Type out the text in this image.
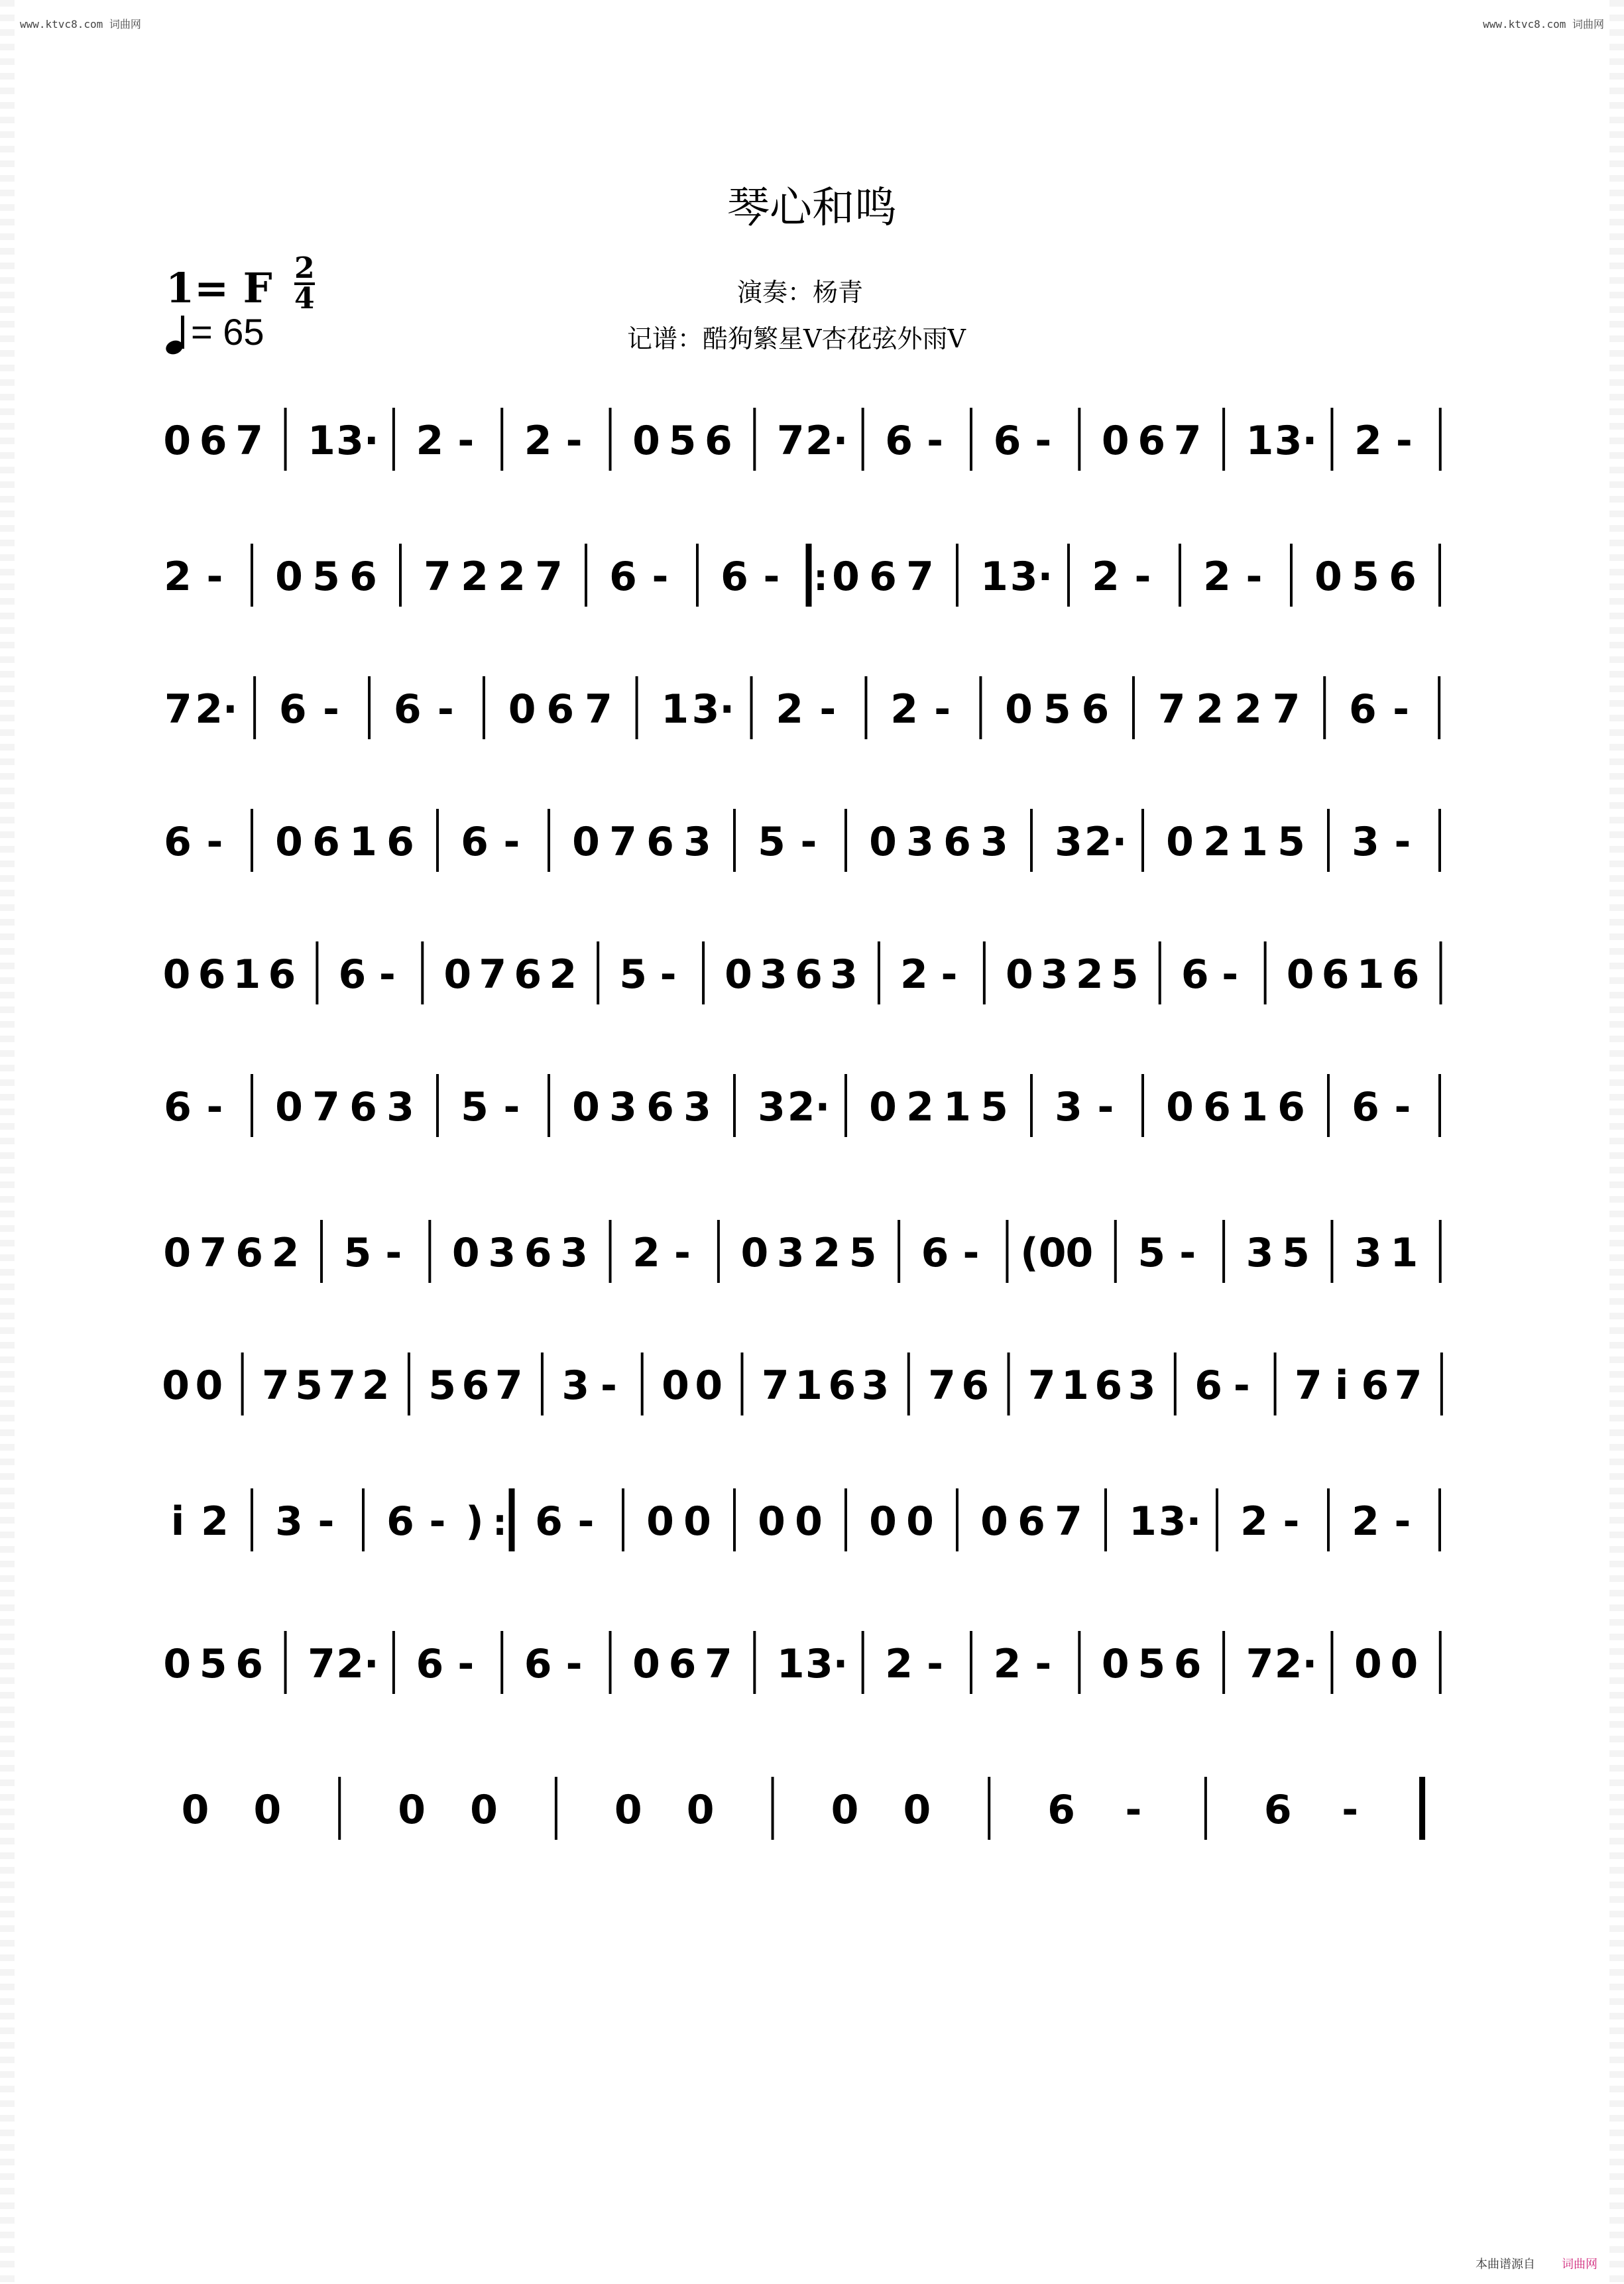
www.ktvc8.com 词曲网	www.ktvc8.com 词曲网
琴心和鸣
1= F 2
4
= 65
演奏：杨青
记谱：酷狗繁星V杏花弦外雨V
0 6 7 1 3· 2 - 2 - 0 5 6 7 2· 6 - 6 - 0 6 7 1 3· 2 -
2 - 0 5 6 7 2 2 7 6 - 6 - : 0 6 7 1 3· 2 - 2 - 0 5 6
7 2· 6 - 6 - 0 6 7 1 3· 2 - 2 - 0 5 6 7 2 2 7 6 -
6 - 0 6 1 6 6 - 0 7 6 3 5 - 0 3 6 3 3 2· 0 2 1 5 3 -
0 6 1 6 6 - 0 7 6 2 5 - 0 3 6 3 2 - 0 3 2 5 6 - 0 6 1 6
6 - 0 7 6 3 5 - 0 3 6 3 3 2· 0 2 1 5 3 - 0 6 1 6 6 -
0 7 6 2 5 - 0 3 6 3 2 - 0 3 2 5 6 - (0
0 5 - 3 5 3 1
0 0 7 5 7 2 5 6 7 3 - 0 0 7 1 6 3 7 6 7 1 6 3 6 - 7 i 6 7
i 2 3 - 6 - ) : 6 - 0 0 0 0 0 0 0 6 7 1 3· 2 - 2 -
0 5 6 7 2· 6 - 6 - 0 6 7 1 3· 2 - 2 - 0 5 6 7 2· 0 0
0 0	0 0	0 0	0 0	6 -	6 -
本曲谱源自 词曲网
